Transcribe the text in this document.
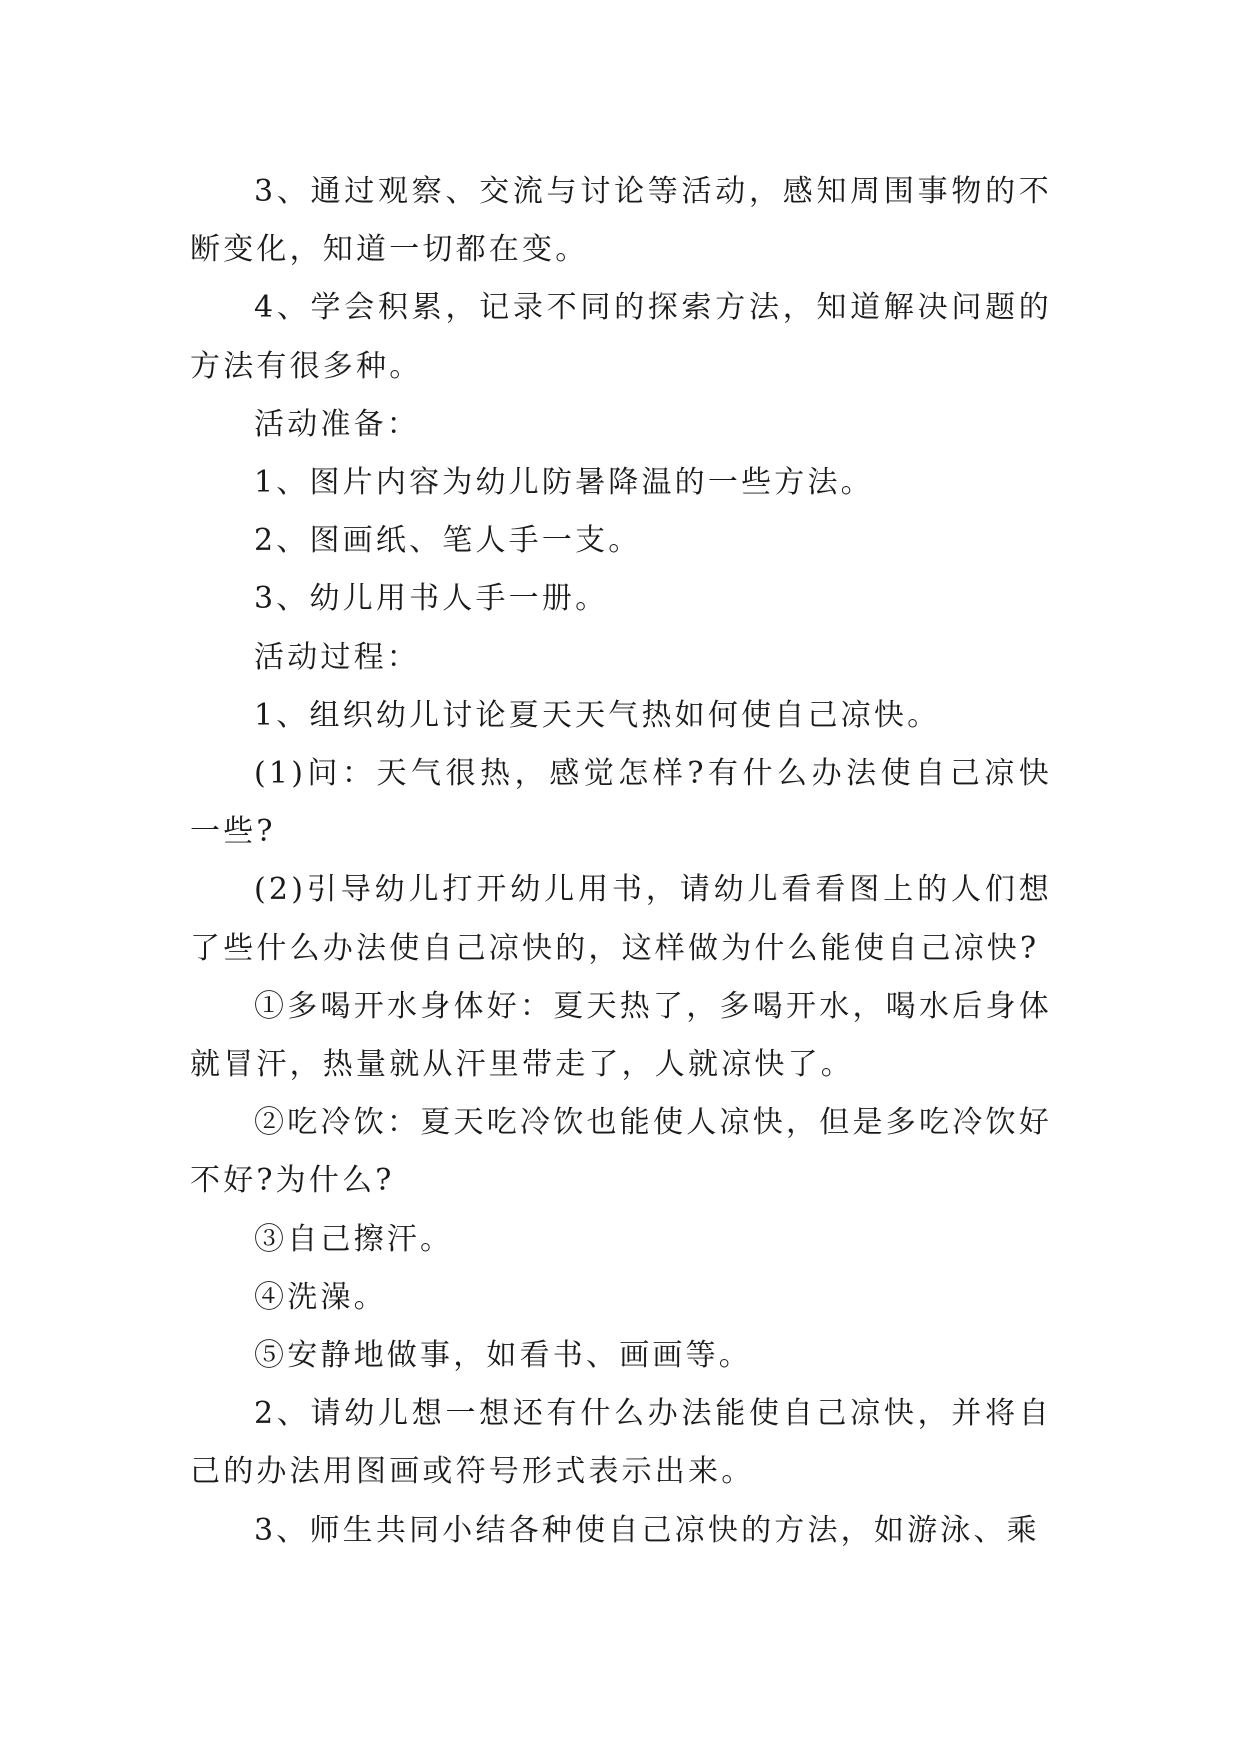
3、通过观察、交流与讨论等活动，感知周围事物的不断变化，知道一切都在变。

4、学会积累，记录不同的探索方法，知道解决问题的方法有很多种。

活动准备：

1、图片内容为幼儿防暑降温的一些方法。

2、图画纸、笔人手一支。

3、幼儿用书人手一册。

活动过程：

1、组织幼儿讨论夏天天气热如何使自己凉快。

(1)问：天气很热，感觉怎样?有什么办法使自己凉快一些?

(2)引导幼儿打开幼儿用书，请幼儿看看图上的人们想了些什么办法使自己凉快的，这样做为什么能使自己凉快?

①多喝开水身体好：夏天热了，多喝开水，喝水后身体就冒汗，热量就从汗里带走了，人就凉快了。

②吃冷饮：夏天吃冷饮也能使人凉快，但是多吃冷饮好不好?为什么?

③自己擦汗。

④洗澡。

⑤安静地做事，如看书、画画等。

2、请幼儿想一想还有什么办法能使自己凉快，并将自己的办法用图画或符号形式表示出来。

3、师生共同小结各种使自己凉快的方法，如游泳、乘
